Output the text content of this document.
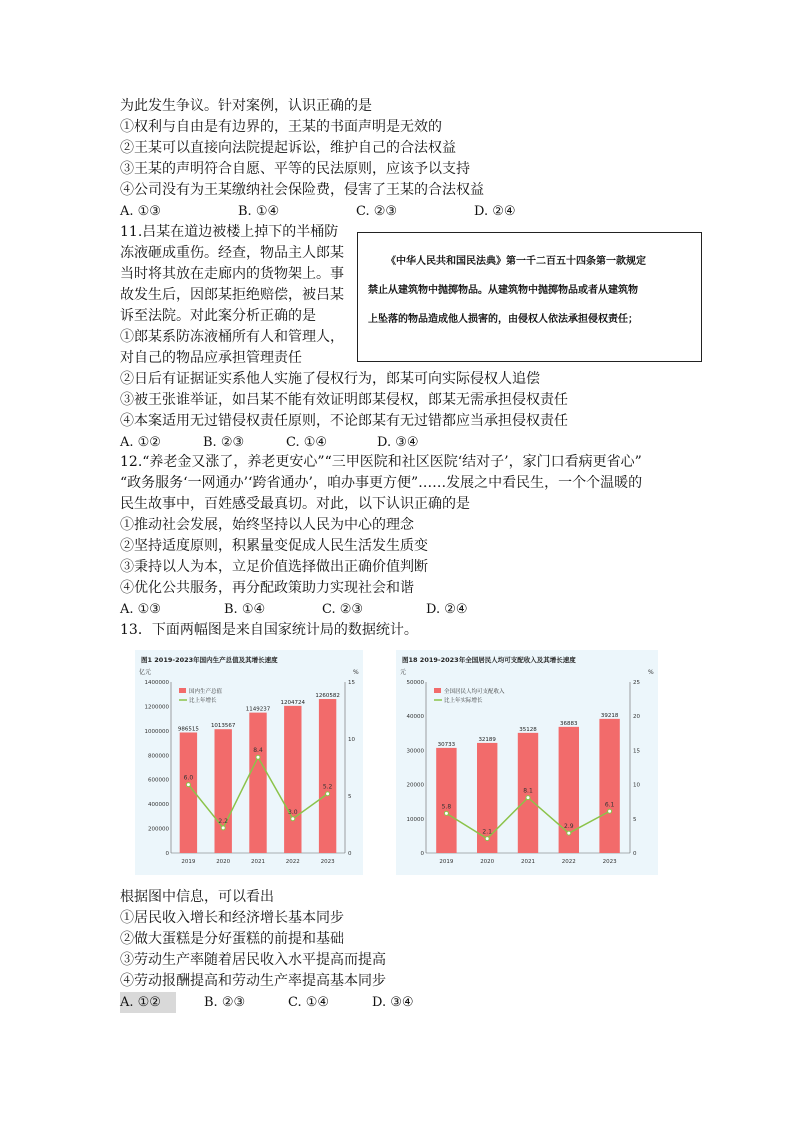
为此发生争议。针对案例，认识正确的是
①权利与自由是有边界的，王某的书面声明是无效的
②王某可以直接向法院提起诉讼，维护自己的合法权益
③王某的声明符合自愿、平等的民法原则，应该予以支持
④公司没有为王某缴纳社会保险费，侵害了王某的合法权益
A. ①③	B. ①④	C. ②③	D. ②④
11.吕某在道边被楼上掉下的半桶防
冻液砸成重伤。经查，物品主人郎某
当时将其放在走廊内的货物架上。事
故发生后，因郎某拒绝赔偿，被吕某
诉至法院。对此案分析正确的是
①郎某系防冻液桶所有人和管理人，
对自己的物品应承担管理责任
②日后有证据证实系他人实施了侵权行为，郎某可向实际侵权人追偿
③被王张谁举证，如吕某不能有效证明郎某侵权，郎某无需承担侵权责任
④本案适用无过错侵权责任原则，不论郎某有无过错都应当承担侵权责任
A. ①②	B. ②③	C. ①④	D. ③④
《中华人民共和国民法典》第一千二百五十四条第一款规定
禁止从建筑物中抛掷物品。从建筑物中抛掷物品或者从建筑物
上坠落的物品造成他人损害的，由侵权人依法承担侵权责任；
12.“养老金又涨了，养老更安心”“三甲医院和社区医院‘结对子’，家门口看病更省心”
“政务服务‘一网通办’‘跨省通办’，咱办事更方便”……发展之中看民生，一个个温暖的
民生故事中，百姓感受最真切。对此，以下认识正确的是
①推动社会发展，始终坚持以人民为中心的理念
②坚持适度原则，积累量变促成人民生活发生质变
③秉持以人为本，立足价值选择做出正确价值判断
④优化公共服务，再分配政策助力实现社会和谐
A. ①③	B. ①④	C. ②③	D. ②④
13．下面两幅图是来自国家统计局的数据统计。
图1 2019-2023年国内生产总值及其增长速度
亿元	%
0
200000
400000
600000
800000
1000000
1200000
1400000
0
5
10
15
国内生产总值
比上年增长
986515
2019
1013567
2020
1149237
2021
1204724
2022
1260582
2023
6.0
2.2
8.4
3.0
5.2
图18 2019-2023年全国居民人均可支配收入及其增长速度
元	%
0
10000
20000
30000
40000
50000
0
5
10
15
20
25
全国居民人均可支配收入
比上年实际增长
30733
2019
32189
2020
35128
2021
36883
2022
39218
2023
5.8
2.1
8.1
2.9
6.1
根据图中信息，可以看出
①居民收入增长和经济增长基本同步
②做大蛋糕是分好蛋糕的前提和基础
③劳动生产率随着居民收入水平提高而提高
④劳动报酬提高和劳动生产率提高基本同步
A. ①②	B. ②③	C. ①④	D. ③④
